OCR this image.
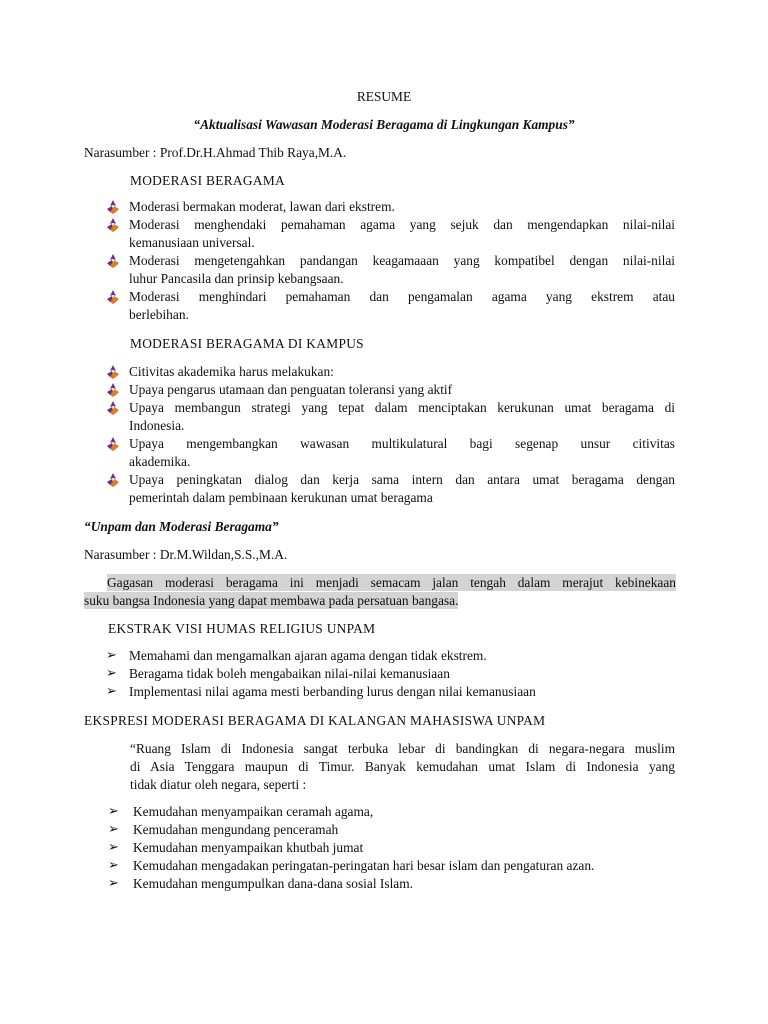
RESUME
“Aktualisasi Wawasan Moderasi Beragama di Lingkungan Kampus”
Narasumber : Prof.Dr.H.Ahmad Thib Raya,M.A.
MODERASI BERAGAMA
Moderasi bermakan moderat, lawan dari ekstrem.
Moderasi menghendaki pemahaman agama yang sejuk dan mengendapkan nilai-nilai
kemanusiaan universal.
Moderasi mengetengahkan pandangan keagamaaan yang kompatibel dengan nilai-nilai
luhur Pancasila dan prinsip kebangsaan.
Moderasi menghindari pemahaman dan pengamalan agama yang ekstrem atau
berlebihan.
MODERASI BERAGAMA DI KAMPUS
Citivitas akademika harus melakukan:
Upaya pengarus utamaan dan penguatan toleransi yang aktif
Upaya membangun strategi yang tepat dalam menciptakan kerukunan umat beragama di
Indonesia.
Upaya mengembangkan wawasan multikulatural bagi segenap unsur citivitas
akademika.
Upaya peningkatan dialog dan kerja sama intern dan antara umat beragama dengan
pemerintah dalam pembinaan kerukunan umat beragama
“Unpam dan Moderasi Beragama”
Narasumber : Dr.M.Wildan,S.S.,M.A.
Gagasan moderasi beragama ini menjadi semacam jalan tengah dalam merajut kebinekaan
suku bangsa Indonesia yang dapat membawa pada persatuan bangasa.
EKSTRAK VISI HUMAS RELIGIUS UNPAM
➢ Memahami dan mengamalkan ajaran agama dengan tidak ekstrem.
➢ Beragama tidak boleh mengabaikan nilai-nilai kemanusiaan
➢ Implementasi nilai agama mesti berbanding lurus dengan nilai kemanusiaan
EKSPRESI MODERASI BERAGAMA DI KALANGAN MAHASISWA UNPAM
“Ruang Islam di Indonesia sangat terbuka lebar di bandingkan di negara-negara muslim
di Asia Tenggara maupun di Timur. Banyak kemudahan umat Islam di Indonesia yang
tidak diatur oleh negara, seperti :
➢ Kemudahan menyampaikan ceramah agama,
➢ Kemudahan mengundang penceramah
➢ Kemudahan menyampaikan khutbah jumat
➢ Kemudahan mengadakan peringatan-peringatan hari besar islam dan pengaturan azan.
➢ Kemudahan mengumpulkan dana-dana sosial Islam.
